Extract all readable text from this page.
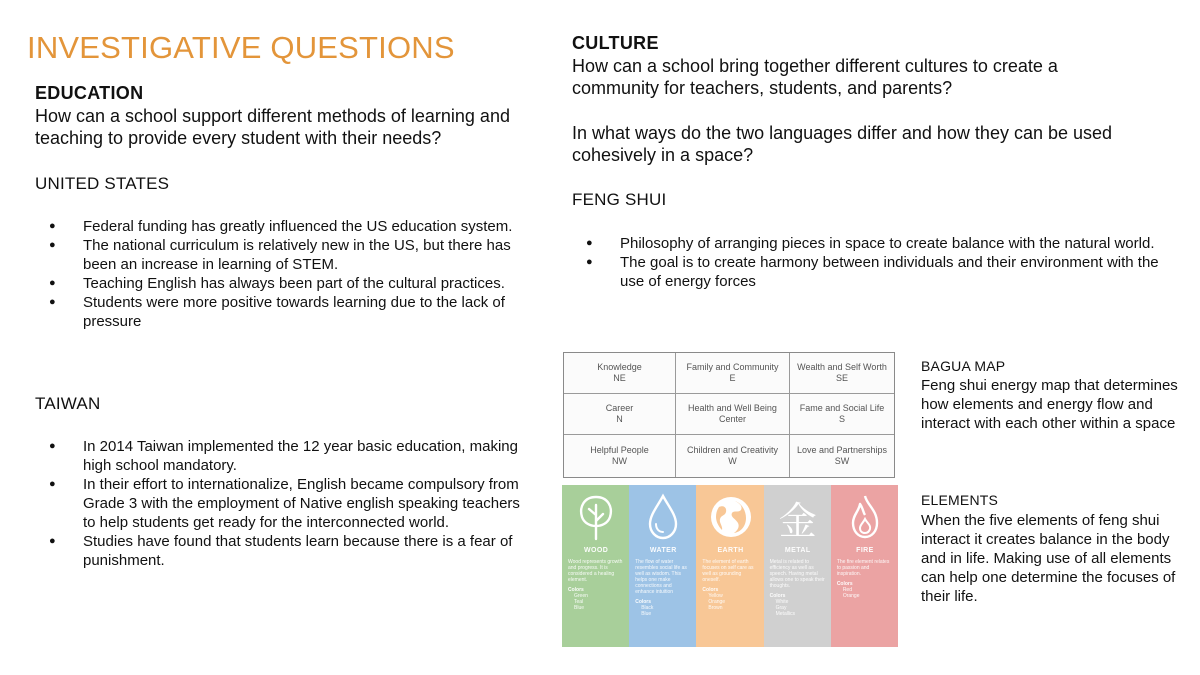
INVESTIGATIVE QUESTIONS
EDUCATION
How can a school support different methods of learning and teaching to provide every student with their needs?
UNITED STATES
● Federal funding has greatly influenced the US education system.
● The national curriculum is relatively new in the US, but there has been an increase in learning of STEM.
● Teaching English has always been part of the cultural practices.
● Students were more positive towards learning due to the lack of pressure
TAIWAN
● In 2014 Taiwan implemented the 12 year basic education, making high school mandatory.
● In their effort to internationalize, English became compulsory from Grade 3 with the employment of Native english speaking teachers to help students get ready for the interconnected world.
● Studies have found that students learn because there is a fear of punishment.
CULTURE
How can a school bring together different cultures to create a community for teachers, students, and parents?
In what ways do the two languages differ and how they can be used cohesively in a space?
FENG SHUI
● Philosophy of arranging pieces in space to create balance with the natural world.
● The goal is to create harmony between individuals and their environment with the use of energy forces
Knowledge
NE
Family and Community
E
Wealth and Self Worth
SE
Career
N
Health and Well Being
Center
Fame and Social Life
S
Helpful People
NW
Children and Creativity
W
Love and Partnerships
SW
BAGUA MAP
Feng shui energy map that determines how elements and energy flow and interact with each other within a space
WOOD
Wood represents growth and progress. It is considered a healing element.
Colors
Green
Teal
Blue
WATER
The flow of water resembles social life as well as wisdom. This helps one make connections and enhance intuition
Colors
Black
Blue
EARTH
The element of earth focuses on self care as well as grounding oneself.
Colors
Yellow
Orange
Brown
金
METAL
Metal is related to efficiency as well as speech. Having metal allows one to speak their thoughts.
Colors
White
Gray
Metallics
FIRE
The fire element relates to passion and inspiration.
Colors
Red
Orange
ELEMENTS
When the five elements of feng shui interact it creates balance in the body and in life. Making use of all elements can help one determine the focuses of their life.
